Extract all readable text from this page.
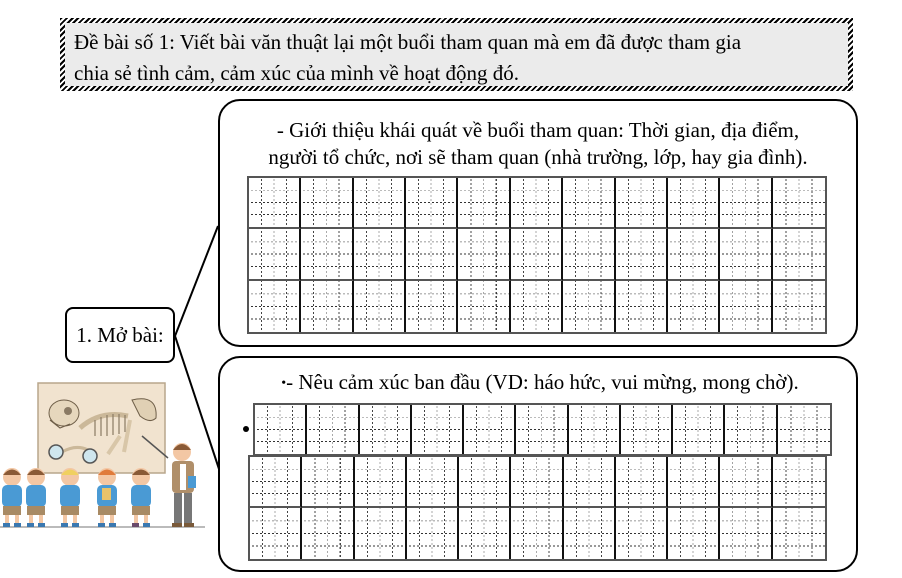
Đề bài số 1: Viết bài văn thuật lại một buổi tham quan mà em đã được tham gia
chia sẻ tình cảm, cảm xúc của mình về hoạt động đó.
- Giới thiệu khái quát về buổi tham quan: Thời gian, địa điểm,
người tổ chức, nơi sẽ tham quan (nhà trường, lớp, hay gia đình).
•- Nêu cảm xúc ban đầu (VD: háo hức, vui mừng, mong chờ).
1. Mở bài:
